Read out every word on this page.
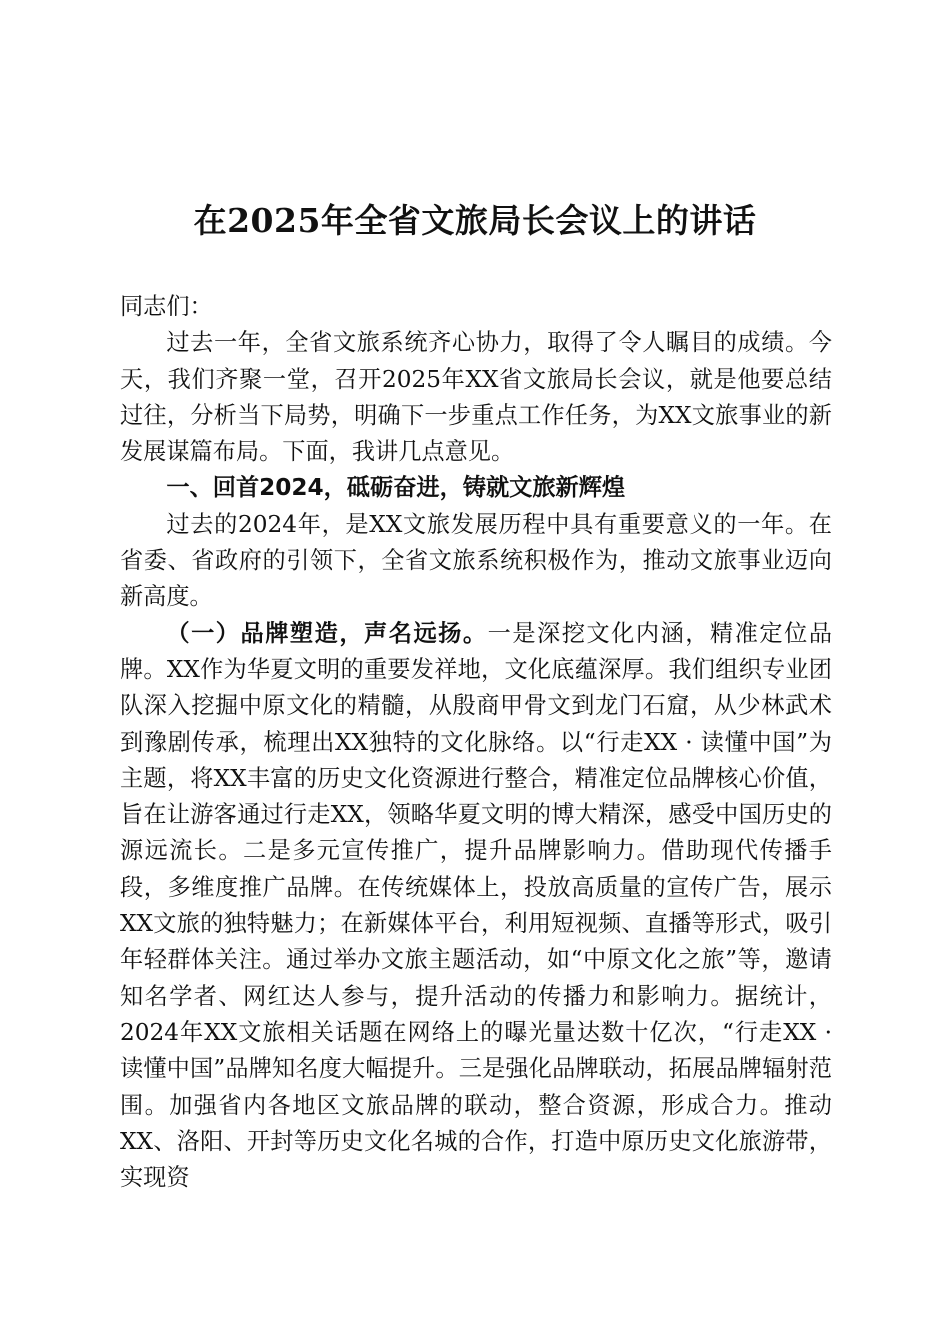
在2025年全省文旅局长会议上的讲话

同志们：

过去一年，全省文旅系统齐心协力，取得了令人瞩目的成绩。今天，我们齐聚一堂，召开2025年XX省文旅局长会议，就是他要总结过往，分析当下局势，明确下一步重点工作任务，为XX文旅事业的新发展谋篇布局。下面，我讲几点意见。

一、回首2024，砥砺奋进，铸就文旅新辉煌

过去的2024年，是XX文旅发展历程中具有重要意义的一年。在省委、省政府的引领下，全省文旅系统积极作为，推动文旅事业迈向新高度。

（一）品牌塑造，声名远扬。一是深挖文化内涵，精准定位品牌。XX作为华夏文明的重要发祥地，文化底蕴深厚。我们组织专业团队深入挖掘中原文化的精髓，从殷商甲骨文到龙门石窟，从少林武术到豫剧传承，梳理出XX独特的文化脉络。以“行走XX · 读懂中国”为主题，将XX丰富的历史文化资源进行整合，精准定位品牌核心价值，旨在让游客通过行走XX，领略华夏文明的博大精深，感受中国历史的源远流长。二是多元宣传推广，提升品牌影响力。借助现代传播手段，多维度推广品牌。在传统媒体上，投放高质量的宣传广告，展示XX文旅的独特魅力；在新媒体平台，利用短视频、直播等形式，吸引年轻群体关注。通过举办文旅主题活动，如“中原文化之旅”等，邀请知名学者、网红达人参与，提升活动的传播力和影响力。据统计，2024年XX文旅相关话题在网络上的曝光量达数十亿次，“行走XX · 读懂中国”品牌知名度大幅提升。三是强化品牌联动，拓展品牌辐射范围。加强省内各地区文旅品牌的联动，整合资源，形成合力。推动XX、洛阳、开封等历史文化名城的合作，打造中原历史文化旅游带，实现资
